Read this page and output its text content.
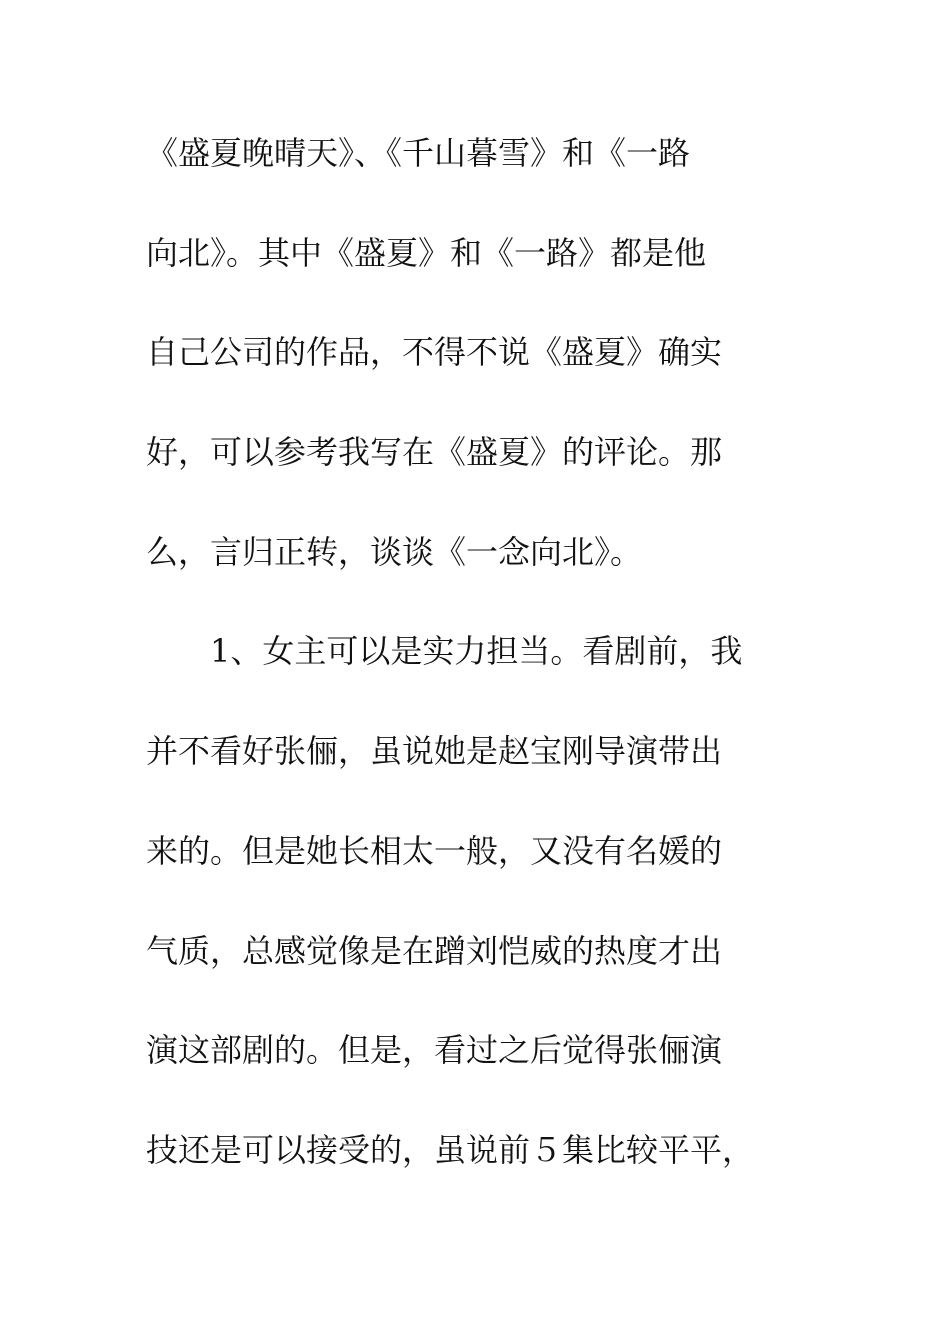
《盛夏晚晴天》、《千山暮雪》和《一路
向北》。其中《盛夏》和《一路》都是他
自己公司的作品，不得不说《盛夏》确实
好，可以参考我写在《盛夏》的评论。那
么，言归正转，谈谈《一念向北》。
　　1、女主可以是实力担当。看剧前，我
并不看好张俪，虽说她是赵宝刚导演带出
来的。但是她长相太一般，又没有名媛的
气质，总感觉像是在蹭刘恺威的热度才出
演这部剧的。但是，看过之后觉得张俪演
技还是可以接受的，虽说前５集比较平平，
